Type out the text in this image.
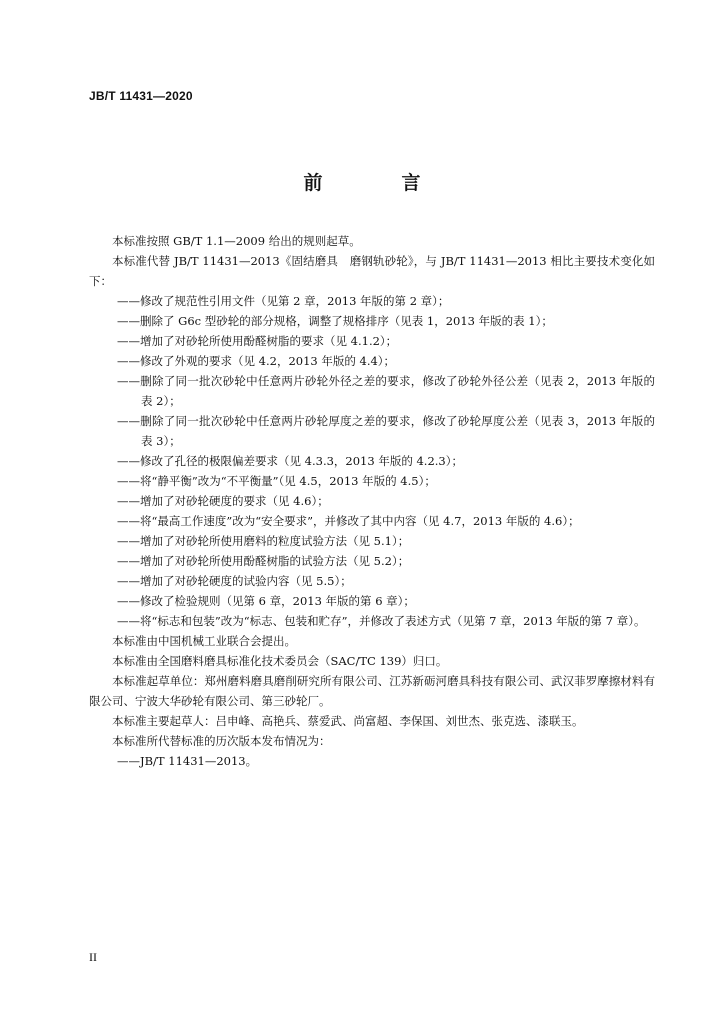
JB/T 11431—2020
前　言

本标准按照 GB/T 1.1—2009 给出的规则起草。

本标准代替 JB/T 11431—2013《固结磨具　磨钢轨砂轮》，与 JB/T 11431—2013 相比主要技术变化如下：

——修改了规范性引用文件（见第 2 章，2013 年版的第 2 章）；

——删除了 G6c 型砂轮的部分规格，调整了规格排序（见表 1，2013 年版的表 1）；

——增加了对砂轮所使用酚醛树脂的要求（见 4.1.2）；

——修改了外观的要求（见 4.2，2013 年版的 4.4）；

——删除了同一批次砂轮中任意两片砂轮外径之差的要求，修改了砂轮外径公差（见表 2，2013 年版的表 2）；

——删除了同一批次砂轮中任意两片砂轮厚度之差的要求，修改了砂轮厚度公差（见表 3，2013 年版的表 3）；

——修改了孔径的极限偏差要求（见 4.3.3，2013 年版的 4.2.3）；

——将“静平衡”改为“不平衡量”（见 4.5，2013 年版的 4.5）；

——增加了对砂轮硬度的要求（见 4.6）；

——将“最高工作速度”改为“安全要求”，并修改了其中内容（见 4.7，2013 年版的 4.6）；

——增加了对砂轮所使用磨料的粒度试验方法（见 5.1）；

——增加了对砂轮所使用酚醛树脂的试验方法（见 5.2）；

——增加了对砂轮硬度的试验内容（见 5.5）；

——修改了检验规则（见第 6 章，2013 年版的第 6 章）；

——将“标志和包装”改为“标志、包装和贮存”，并修改了表述方式（见第 7 章，2013 年版的第 7 章）。

本标准由中国机械工业联合会提出。

本标准由全国磨料磨具标准化技术委员会（SAC/TC 139）归口。

本标准起草单位：郑州磨料磨具磨削研究所有限公司、江苏新砺河磨具科技有限公司、武汉菲罗摩擦材料有限公司、宁波大华砂轮有限公司、第三砂轮厂。

本标准主要起草人：吕申峰、高艳兵、蔡爱武、尚富超、李保国、刘世杰、张克选、漆联玉。

本标准所代替标准的历次版本发布情况为：

——JB/T 11431—2013。

II
